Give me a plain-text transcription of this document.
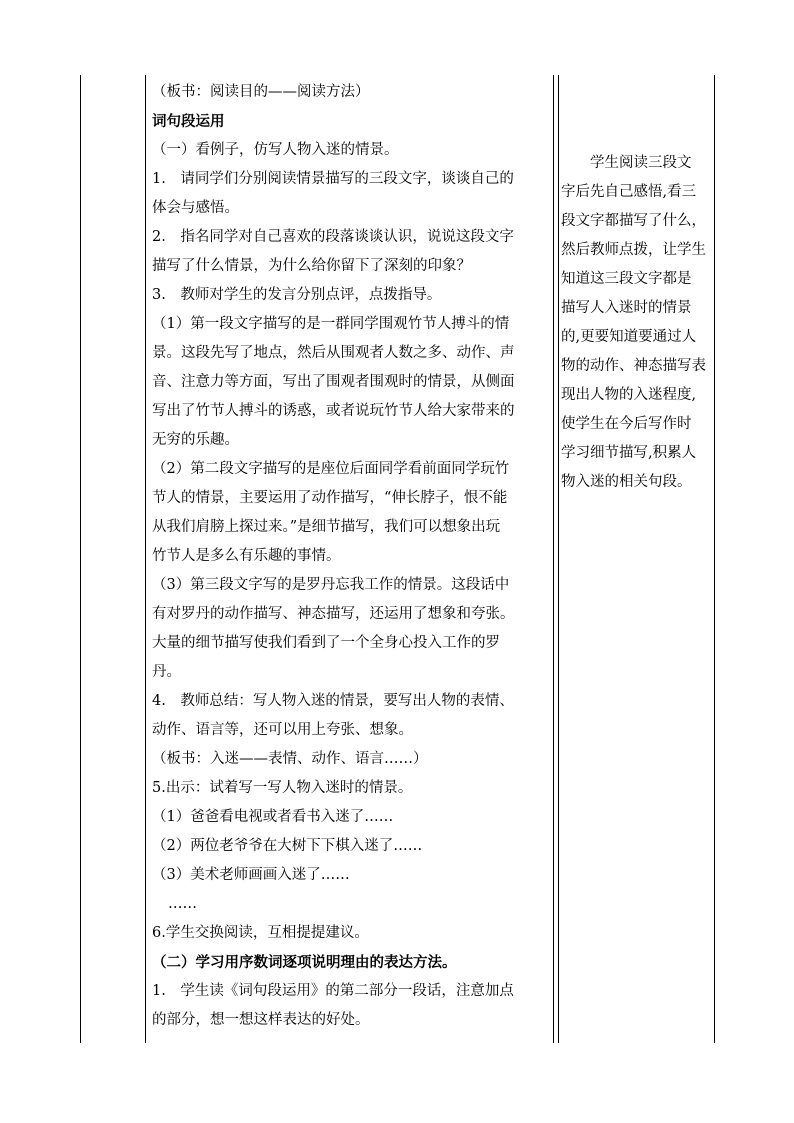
（板书：阅读目的——阅读方法）

词句段运用

（一）看例子，仿写人物入迷的情景。

1.　请同学们分别阅读情景描写的三段文字，谈谈自己的

体会与感悟。

2.　指名同学对自己喜欢的段落谈谈认识，说说这段文字

描写了什么情景，为什么给你留下了深刻的印象？

3.　教师对学生的发言分别点评，点拨指导。

（1）第一段文字描写的是一群同学围观竹节人搏斗的情

景。这段先写了地点，然后从围观者人数之多、动作、声

音、注意力等方面，写出了围观者围观时的情景，从侧面

写出了竹节人搏斗的诱惑，或者说玩竹节人给大家带来的

无穷的乐趣。

（2）第二段文字描写的是座位后面同学看前面同学玩竹

节人的情景，主要运用了动作描写，“伸长脖子，恨不能

从我们肩膀上探过来。”是细节描写，我们可以想象出玩

竹节人是多么有乐趣的事情。

（3）第三段文字写的是罗丹忘我工作的情景。这段话中

有对罗丹的动作描写、神态描写，还运用了想象和夸张。

大量的细节描写使我们看到了一个全身心投入工作的罗

丹。

4.　教师总结：写人物入迷的情景，要写出人物的表情、

动作、语言等，还可以用上夸张、想象。

（板书：入迷——表情、动作、语言……）

5.出示：试着写一写人物入迷时的情景。

（1）爸爸看电视或者看书入迷了……

（2）两位老爷爷在大树下下棋入迷了……

（3）美术老师画画入迷了……

……

6.学生交换阅读，互相提提建议。

（二）学习用序数词逐项说明理由的表达方法。

1.　学生读《词句段运用》的第二部分一段话，注意加点

的部分，想一想这样表达的好处。

学生阅读三段文

字后先自己感悟,看三

段文字都描写了什么，

然后教师点拨，让学生

知道这三段文字都是

描写人入迷时的情景

的,更要知道要通过人

物的动作、神态描写表

现出人物的入迷程度,

使学生在今后写作时

学习细节描写,积累人

物入迷的相关句段。
